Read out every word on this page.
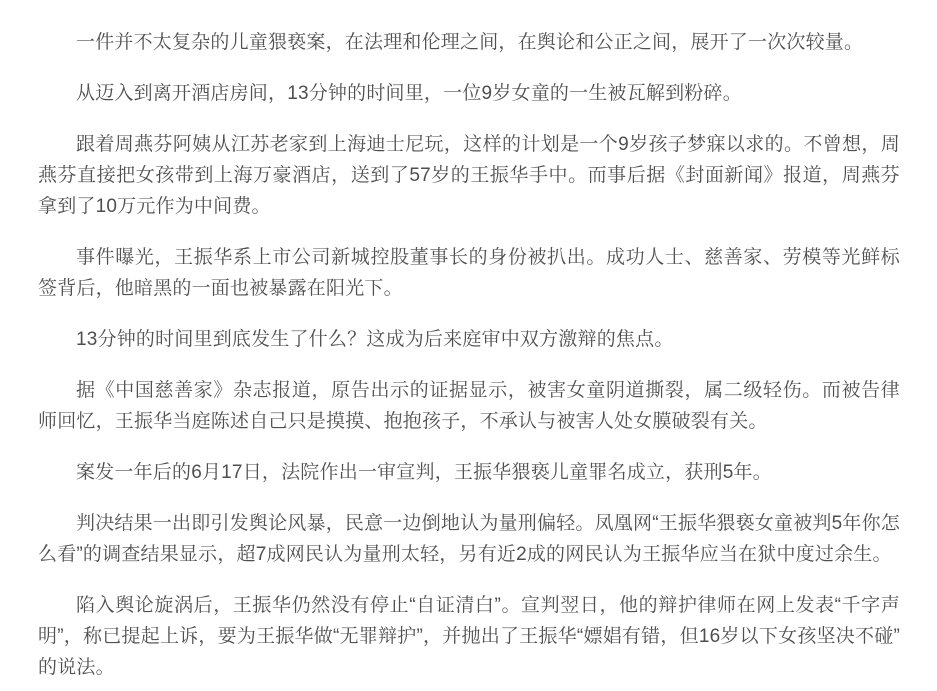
一件并不太复杂的儿童猥亵案，在法理和伦理之间，在舆论和公正之间，展开了一次次较量。

从迈入到离开酒店房间，13分钟的时间里，一位9岁女童的一生被瓦解到粉碎。

跟着周燕芬阿姨从江苏老家到上海迪士尼玩，这样的计划是一个9岁孩子梦寐以求的。不曾想，周燕芬直接把女孩带到上海万豪酒店，送到了57岁的王振华手中。而事后据《封面新闻》报道，周燕芬拿到了10万元作为中间费。

事件曝光，王振华系上市公司新城控股董事长的身份被扒出。成功人士、慈善家、劳模等光鲜标签背后，他暗黑的一面也被暴露在阳光下。

13分钟的时间里到底发生了什么？这成为后来庭审中双方激辩的焦点。

据《中国慈善家》杂志报道，原告出示的证据显示，被害女童阴道撕裂，属二级轻伤。而被告律师回忆，王振华当庭陈述自己只是摸摸、抱抱孩子，不承认与被害人处女膜破裂有关。

案发一年后的6月17日，法院作出一审宣判，王振华猥亵儿童罪名成立，获刑5年。

判决结果一出即引发舆论风暴，民意一边倒地认为量刑偏轻。凤凰网“王振华猥亵女童被判5年你怎么看”的调查结果显示，超7成网民认为量刑太轻，另有近2成的网民认为王振华应当在狱中度过余生。

陷入舆论旋涡后，王振华仍然没有停止“自证清白”。宣判翌日，他的辩护律师在网上发表“千字声明”，称已提起上诉，要为王振华做“无罪辩护”，并抛出了王振华“嫖娼有错，但16岁以下女孩坚决不碰”的说法。
